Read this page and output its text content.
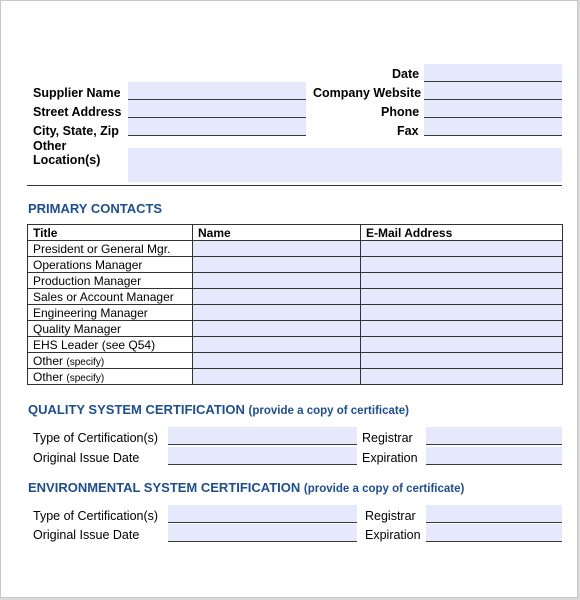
Date
Supplier Name	Company Website
Street Address	Phone
City, State, Zip	Fax
Other
Location(s)
PRIMARY CONTACTS
Title	Name	E-Mail Address
President or General Mgr.		
Operations Manager		
Production Manager		
Sales or Account Manager		
Engineering Manager		
Quality Manager		
EHS Leader (see Q54)		
Other (specify)		
Other (specify)		
QUALITY SYSTEM CERTIFICATION (provide a copy of certificate)
Type of Certification(s)	Registrar
Original Issue Date	Expiration
ENVIRONMENTAL SYSTEM CERTIFICATION (provide a copy of certificate)
Type of Certification(s)	Registrar
Original Issue Date	Expiration
